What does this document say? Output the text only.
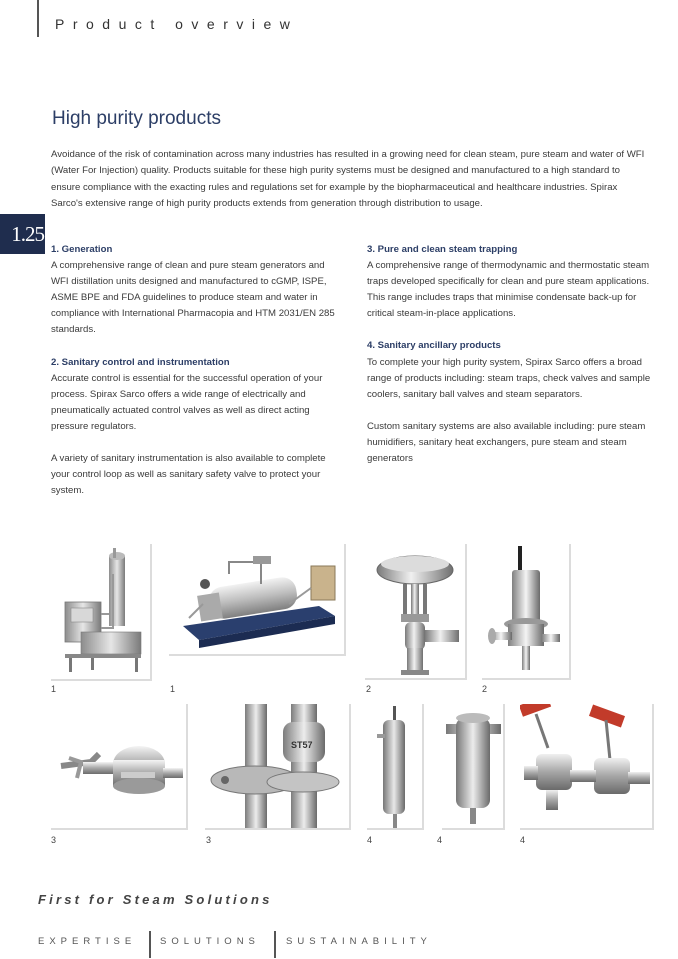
Product overview
High purity products
Avoidance of the risk of contamination across many industries has resulted in a growing need for clean steam, pure steam and water of WFI (Water For Injection) quality. Products suitable for these high purity systems must be designed and manufactured to a high standard to ensure compliance with the exacting rules and regulations set for example by the biopharmaceutical and healthcare industries. Spirax Sarco's extensive range of high purity products extends from generation through distribution to usage.
1.25
1. Generation

A comprehensive range of clean and pure steam generators and WFI distillation units designed and manufactured to cGMP, ISPE, ASME BPE and FDA guidelines to produce steam and water in compliance with International Pharmacopia and HTM 2031/EN 285 standards.

2. Sanitary control and instrumentation

Accurate control is essential for the successful operation of your process. Spirax Sarco offers a wide range of electrically and pneumatically actuated control valves as well as direct acting pressure regulators.

A variety of sanitary instrumentation is also available to complete your control loop as well as sanitary safety valve to protect your system.

3. Pure and clean steam trapping

A comprehensive range of thermodynamic and thermostatic steam traps developed specifically for clean and pure steam applications. This range includes traps that minimise condensate back-up for critical steam-in-place applications.

4. Sanitary ancillary products

To complete your high purity system, Spirax Sarco offers a broad range of products including: steam traps, check valves and sample coolers, sanitary ball valves and steam separators.

Custom sanitary systems are also available including: pure steam humidifiers, sanitary heat exchangers, pure steam and steam generators

1	1	2	2
3
ST57
3	4	4	4
First for Steam Solutions
EXPERTISE	SOLUTIONS	SUSTAINABILITY
